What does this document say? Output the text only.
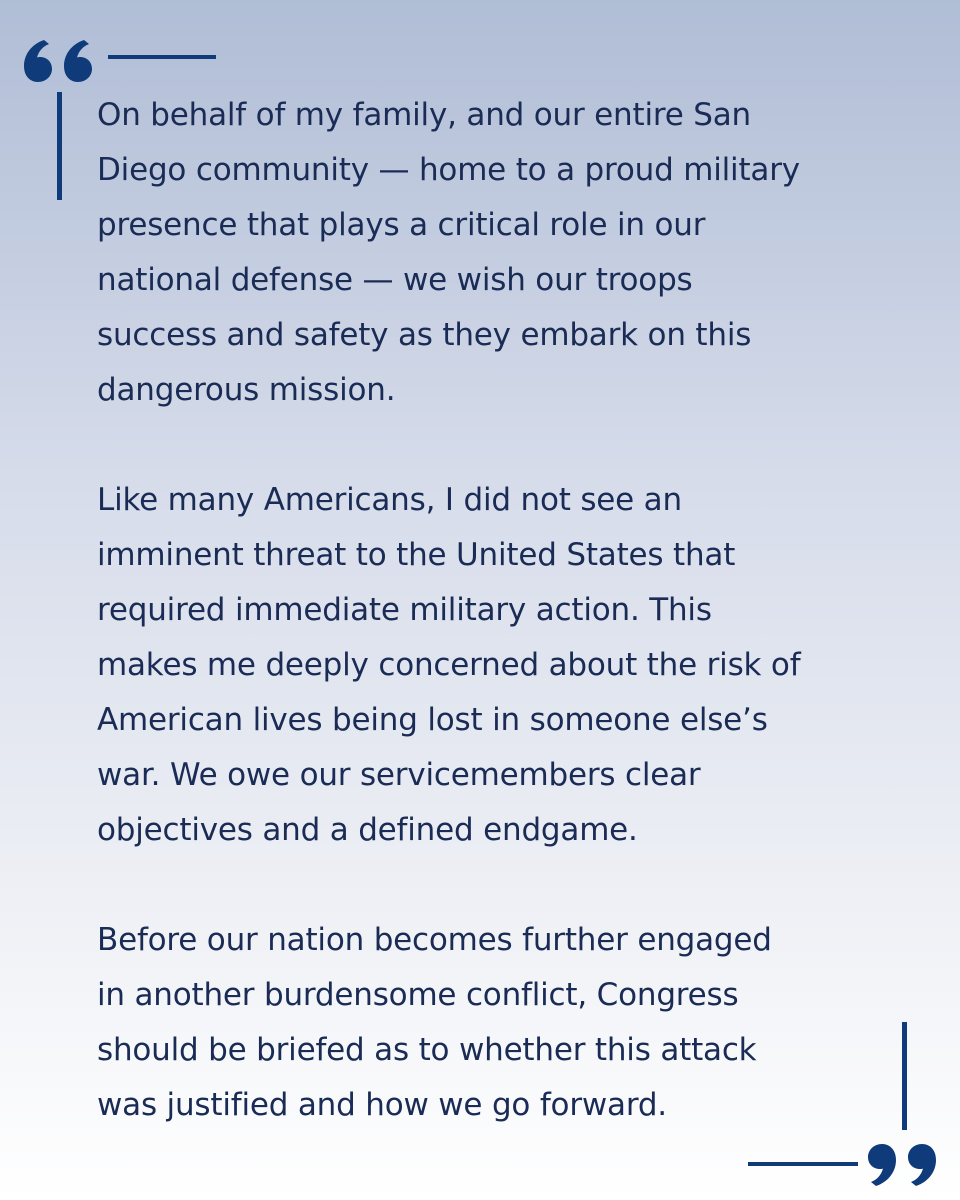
On behalf of my family, and our entire San
Diego community — home to a proud military
presence that plays a critical role in our
national defense — we wish our troops
success and safety as they embark on this
dangerous mission.

Like many Americans, I did not see an
imminent threat to the United States that
required immediate military action. This
makes me deeply concerned about the risk of
American lives being lost in someone else’s
war. We owe our servicemembers clear
objectives and a defined endgame.

Before our nation becomes further engaged
in another burdensome conflict, Congress
should be briefed as to whether this attack
was justified and how we go forward.
